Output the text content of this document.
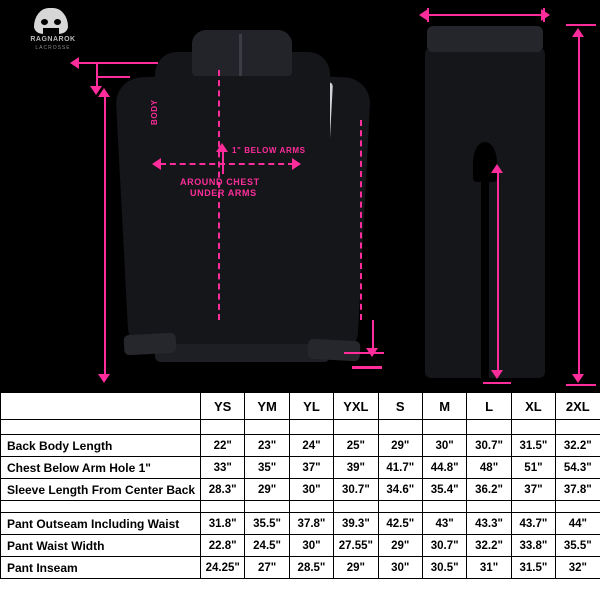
RAGNAROK
LACROSSE
BODY
1" BELOW ARMS
AROUND CHEST
UNDER ARMS
	YS	YM	YL	YXL	S	M	L	XL	2XL

Back Body Length	22"	23"	24"	25"	29"	30"	30.7"	31.5"	32.2"
Chest Below Arm Hole 1"	33"	35"	37"	39"	41.7"	44.8"	48"	51"	54.3"
Sleeve Length From Center Back	28.3"	29"	30"	30.7"	34.6"	35.4"	36.2"	37"	37.8"

Pant Outseam Including Waist	31.8"	35.5"	37.8"	39.3"	42.5"	43"	43.3"	43.7"	44"
Pant Waist Width	22.8"	24.5"	30"	27.55"	29"	30.7"	32.2"	33.8"	35.5"
Pant Inseam	24.25"	27"	28.5"	29"	30"	30.5"	31"	31.5"	32"
